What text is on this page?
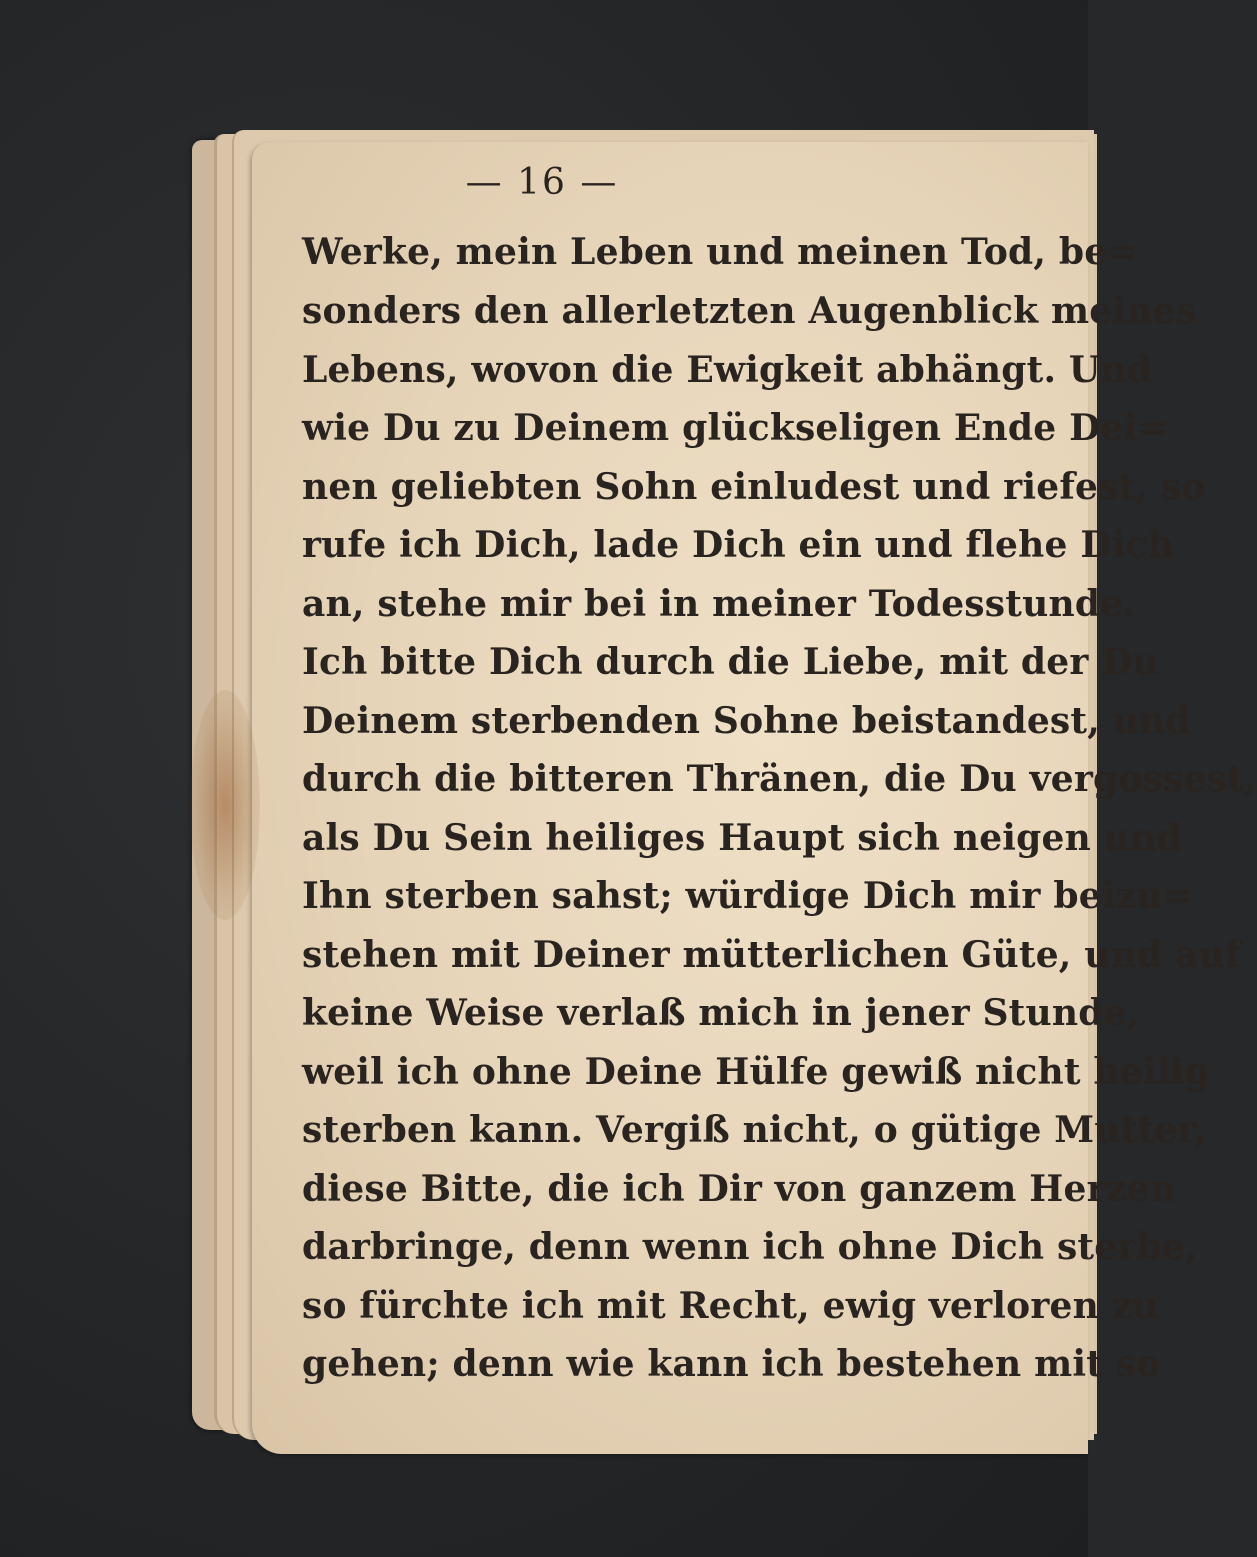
— 16 —
Werke, mein Leben und meinen Tod, be=
sonders den allerletzten Augenblick meines
Lebens, wovon die Ewigkeit abhängt. Und
wie Du zu Deinem glückseligen Ende Dei=
nen geliebten Sohn einludest und riefest, so
rufe ich Dich, lade Dich ein und flehe Dich
an, stehe mir bei in meiner Todesstunde.
Ich bitte Dich durch die Liebe, mit der Du
Deinem sterbenden Sohne beistandest, und
durch die bitteren Thränen, die Du vergossest,
als Du Sein heiliges Haupt sich neigen und
Ihn sterben sahst; würdige Dich mir beizu=
stehen mit Deiner mütterlichen Güte, und auf
keine Weise verlaß mich in jener Stunde,
weil ich ohne Deine Hülfe gewiß nicht heilig
sterben kann. Vergiß nicht, o gütige Mutter,
diese Bitte, die ich Dir von ganzem Herzen
darbringe, denn wenn ich ohne Dich sterbe,
so fürchte ich mit Recht, ewig verloren zu
gehen; denn wie kann ich bestehen mit so
